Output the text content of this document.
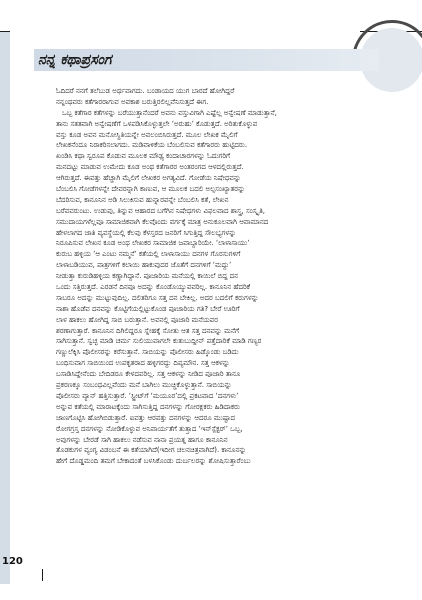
ನನ್ನ ಕಥಾಪ್ರಸಂಗ
ಓದಿದರೆ ನನಗೆ ತಲೆಬುಡ ಅರ್ಥವಾಗದು. ಬಂಡಾಯದ ಯುಗ ಬಾರದೆ ಹೋಗಿದ್ದರೆ
ನನ್ನಂಥವರು ಕತೆಗಾರರಾಗುವ ಅವಕಾಶ ಬರುತ್ತಿರಲಿಲ್ಲವೆನಿಸುತ್ತದೆ ಈಗ.
ಒಬ್ಬ ಕತೆಗಾರ ಕತೆಗಳನ್ನು ಬರೆಯುತ್ತಾನೆಂದರೆ ಅವನು ವಸ್ತುವಿಗಾಗಿ ಎಷ್ಟೆಲ್ಲ ಅನ್ವೇಷಣೆ ಮಾಡುತ್ತಾನೆ,
ತಾನು ಸತತವಾಗಿ ಅನ್ವೇಷಣೆಗೆ ಒಳಪಡಿಸಿಕೊಳ್ಳುತ್ತಲೇ ʻಅರುಹುʼ ಕೊಡುತ್ತದೆ. ಅರಿತುಕೊಳ್ಳುವ
ವಸ್ತು ಕೂಡ ಅವನ ಮನೋಸ್ಥಿತಿಯನ್ನೇ ಅವಲಂಬಿಸಿರುತ್ತದೆ. ಮೂಲ ಲೇಖಕ ಮೈಲಿಗೆ
ಲೇಖಕನೆಂದೂ ನಿರಾಕರಿಸಲಾಗದು. ಮಡಿವಾಳಿಕೆಯ ಬೆಂಬಲಿಸುವ ಕತೆಗಾರರು ಹುಟ್ಟಿದರು.
ಖಂಡಿಸಿ ಕಥಾ ಸ್ವರೂಪ ಕೊಡುವ ಮೂಲಕ ಮೌಢ್ಯ ಕಂದಾಚಾರಗಳನ್ನು ಓದುಗರಿಗೆ
ಮನದಟ್ಟು ಮಾಡುವ ಉಮೇದು ಕೂಡ ಅಂಥ ಕತೆಗಾರರ ಅಂತರಂಗದ ಆಳದಲ್ಲಿರುತ್ತದೆ.
ಆಗಿರುತ್ತದೆ. ಈವತ್ತು ಹೆಚ್ಚಾಗಿ ಮೈಲಿಗೆ ಲೇಖಕರ ಅಗತ್ಯವಿದೆ. ಗೋಡೆಯ ನಿಷೇಧವನ್ನು
ಬೆಂಬಲಿಸಿ ಗೋಡೆಗಳನ್ನೇ ದೇವರನ್ನಾಗಿ ಕಾಣುವ, ಆ ಮೂಲಕ ಬದಲಿ ಅಲ್ಪಸಂಖ್ಯಾತರನ್ನು
ಬೆದರಿಸುವ, ಕಾನೂನಿನ ಅಡಿ ಸಿಲುಕಿಸುವ ಹುನ್ನಾರವನ್ನೇ ಬೆಂಬಲಿಸಿ ಕತೆ, ಲೇಖನ
ಬರೆವವರುಂಟು. ಉಡುಪು, ತಿನ್ನುವ ಆಹಾರದ ಬಗೆಗಿನ ನಿಷೇಧಗಳು ವಿಫಲವಾದ ಶಾಸ್ತ್ರ, ಸಂಸ್ಕೃತಿ,
ಸಮುದಾಯಗಳೆಲ್ಲವೂ ಸಾಮಾಜಿಕವಾಗಿ ಕೆಲವೊಂದು ವರ್ಗಕ್ಕೆ ಮಾತ್ರ ಅನುಕೂಲವಾಗಿ ಆವಾಮಾನದ
ಹೇಳಲಾಗದ ಜಾತಿ ವ್ಯವಸ್ಥೆಯಲ್ಲಿ ಕೆಲವು ಕೆಳಸ್ತರದ ಜನರಿಗೆ ಸಿಗುತ್ತಿದ್ದ ಸೌಲಭ್ಯಗಳನ್ನು
ನಿರೂಪಿಸುವ ಲೇಖನ ಕೂಡ ಅಂಥ ಲೇಖಕರ ಸಾಮಾಜಿಕ ಜವಾಬ್ದಾರಿಯೇ. ʻಲಾಳಾಸಾಯುʼ
ಕುರುಬ ಹಳ್ಳಿಯ ʻಆ ಎಂಟು ನಮ್ಮನೆʼ ಕತೆಯಲ್ಲಿ ಲಾಳಾಸಾಯು ದನಗಳ ಗೊರಸುಗಳಿಗೆ
ಲಾಳಾಬಡಿಯುವ, ಪಾತ್ರಗಳಿಗೆ ಕಲಾಯಿ ಹಾಕುವುದರ ಜೊತೆಗೆ ದನಗಳಿಗೆ ʻಮದ್ದುʼ
ನೀಡುತ್ತಾ ಕುರುಡಿಹಳ್ಳಿಯ ಕಣ್ಣಾಗಿದ್ದಾನೆ. ಪೂಜಾರಿಯ ಮನೆಯಲ್ಲಿ ಕಾಯಿಲೆ ಬಿದ್ದ ದನ
ಒಂದು ಸತ್ತಿರುತ್ತದೆ. ಎರಡನೆ ದಿನವೂ ಅದನ್ನು ಕೊಂಡೊಯ್ಯುವವರಿಲ್ಲ. ಕಾನೂನಿನ ಹೆದರಿಕೆ
ಸಾಬರೂ ಅದನ್ನು ಮುಟ್ಟುವುದಿಲ್ಲ. ದಲಿತರಿಗೂ ಸತ್ತ ದನ ಬೇಕಿಲ್ಲ. ಅದರ ಬದಲಿಗೆ ಕರುಗಳನ್ನು
ನಾಶಾ ಹೊಡೆವ ದನವನ್ನು ಕೊಟ್ಟಿಗೆಯಲ್ಲಿಟ್ಟುಕೊಂಡ ಪೂಜಾರಿಯ ಗತಿ? ಬೇರೆ ಊರಿಗೆ
ಲಾಳ ಹಾಕಲು ಹೋಗಿದ್ದ ಸಾಬಿ ಬರುತ್ತಾನೆ. ಅವನಲ್ಲಿ ಪೂಜಾರಿ ಮನೆಯವರ
ಶರಣಾಗುತ್ತಾರೆ. ಕಾನೂನಿನ ದಿಗಿಲಿದ್ದರೂ ಸ್ನೇಹಕ್ಕೆ ಸೋತು ಆತ ಸತ್ತ ದನವನ್ನು ಮನೆಗೆ
ಸಾಗಿಸುತ್ತಾನೆ. ಸ್ವಚ್ಛ ಮಾಡಿ ಚರ್ಮ ಸುಲಿಯುವಾಗಲೇ ಕುತುಬುದ್ದೀನ್ ಪತ್ತೆದಾರಿಕೆ ಮಾಡಿ ಗಣ್ಯರ
ಗಣ್ಣುಲೆಕ್ಕಿಸಿ ಪೊಲೀಸರನ್ನು ಕರೆಸುತ್ತಾನೆ. ಸಾಬಿಯನ್ನು ಪೊಲೀಸರು ಹಿಡ್ಕೊಂಡು ಬಡಿದು
ಬಂಧಿಸುವಾಗ ಸಾಬಿಯಿಂದ ಉಪಕೃತರಾದ ಹಳ್ಳಿಗರದ್ದು ದಿವ್ಯಮೌನ. ಸತ್ತ ಆಕಳನ್ನು
ಬಸಾಡಿಸಿದ್ದೇನೆಂದು ಬೇದಿಡರೂ ಕೇಳದವರಿಲ್ಲ. ಸತ್ತ ಆಕಳನ್ನು ನೀಡಿದ ಪೂಜಾರಿ ತಾನೂ
ಪ್ರಕರಣಕ್ಕೂ ಸಂಬಂಧವಿಲ್ಲವೆಂದು ಮನೆ ಬಾಗಿಲು ಮುಚ್ಚಿಕೊಳ್ಳುತ್ತಾನೆ. ಸಾಬಿಯನ್ನು
ಪೊಲೀಸರು ವ್ಯಾನ್ ಹತ್ತಿಸುತ್ತಾರೆ. ʻಸ್ಟ್ರೀಟ್‌ಗೆ ʻಮಯೂರʼದಲ್ಲಿ ಪ್ರಕಟವಾದ ʻದನಗಳುʼ
ಅನ್ನುವ ಕತೆಯಲ್ಲಿ ಮಾರಾಟಕ್ಕೆಂದು ಸಾಗಿಸುತ್ತಿದ್ದ ದನಗಳನ್ನು ಗೋರಕ್ಷಕರು ಹಿಡಿದಾಕರು
ಜಾಣಗೊಟ್ಟಿಸಿ ಹೋಗಿಬಿಡುತ್ತಾರೆ. ಐವತ್ತು ಆರವತ್ತು ದನಗಳನ್ನು ಆದರೂ ಮುಷ್ಟಾದ
ರೋಗಗ್ರಸ್ತ ದನಗಳನ್ನು ನೋಡಿಕೊಳ್ಳುವ ಅನಿವಾರ್ಯತೆಗೆ ತುತ್ತಾದ ʻಇನ್‌ಸ್ಪೆಕ್ಟರ್ʼ ಒಬ್ಬ,
ಅವುಗಳನ್ನು ಬೇರಡೆ ಸಾಗಿ ಹಾಕಲು ನಡೆಸುವ ನಾನಾ ಪ್ರಯತ್ನ ಹಾಗೂ ಕಾನೂನಿನ
ತೊಡಕುಗಳ ವ್ಯಂಗ್ಯ ವಿಡಂಬನೆ ಈ ಕತೆಯಾಗಿದೆ(ಇದೀಗ ಚಲನಚಿತ್ರವಾಗಿದೆ). ಕಾನೂನನ್ನು
ಹೇಗೆ ದೊಡ್ಡಮಂದಿ ತಮಗೆ ಬೇಕಾದಂತೆ ಬಳಸಿಕೊಂಡು ದುರ್ಬಲರನ್ನು ಶೋಷಿಸುತ್ತಾರೆಂಬು
120
